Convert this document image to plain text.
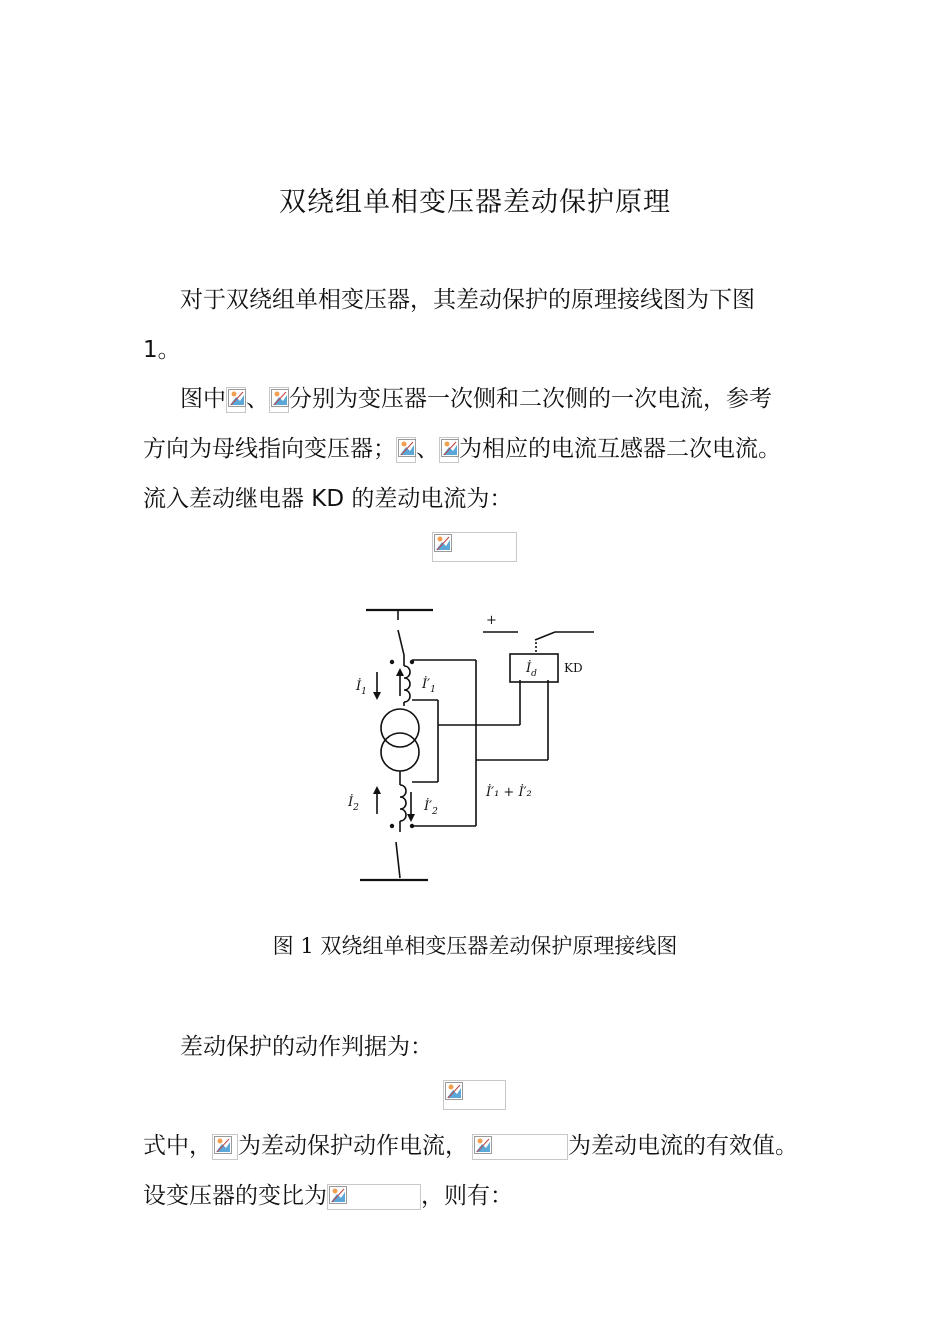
双绕组单相变压器差动保护原理
对于双绕组单相变压器，其差动保护的原理接线图为下图
1。
图中 、 分别为变压器一次侧和二次侧的一次电流，参考
方向为母线指向变压器； 、 为相应的电流互感器二次电流。
流入差动继电器 KD 的差动电流为：
+
$İ_d$ KD
$İ_1$	$İ'_1$
$İ_2$	$İ'_2$
İ′₁ + İ′₂
图 1 双绕组单相变压器差动保护原理接线图
差动保护的动作判据为：
式中， 为差动保护动作电流，	为差动电流的有效值。
设变压器的变比为	，则有：
